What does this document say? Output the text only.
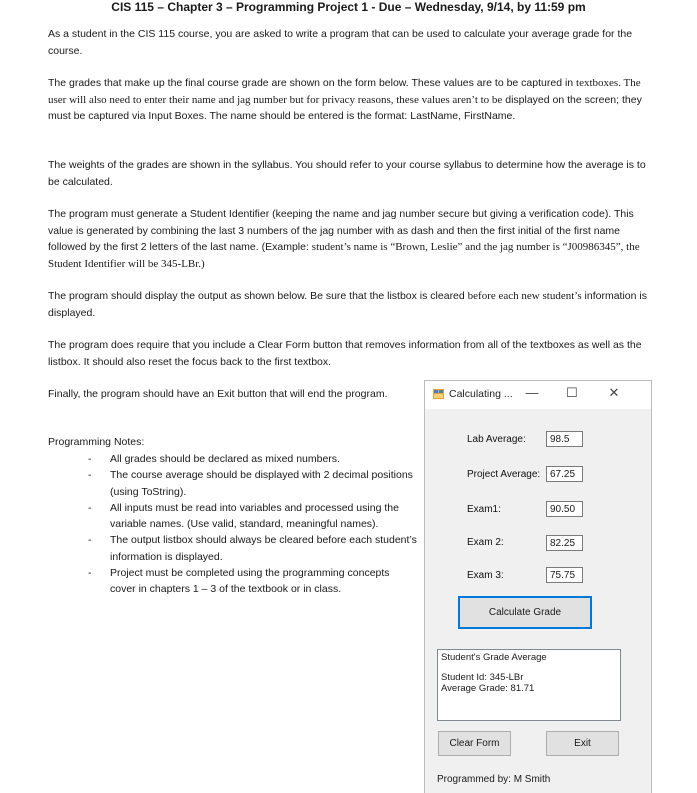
CIS 115 – Chapter 3 – Programming Project 1 - Due – Wednesday, 9/14, by 11:59 pm

As a student in the CIS 115 course, you are asked to write a program that can be used to calculate your average grade for the course.

The grades that make up the final course grade are shown on the form below. These values are to be captured in textboxes. The user will also need to enter their name and jag number but for privacy reasons, these values aren’t to be displayed on the screen; they must be captured via Input Boxes. The name should be entered is the format: LastName, FirstName.

The weights of the grades are shown in the syllabus. You should refer to your course syllabus to determine how the average is to be calculated.

The program must generate a Student Identifier (keeping the name and jag number secure but giving a verification code). This value is generated by combining the last 3 numbers of the jag number with as dash and then the first initial of the first name followed by the first 2 letters of the last name. (Example: student’s name is “Brown, Leslie” and the jag number is “J00986345”, the Student Identifier will be 345-LBr.)

The program should display the output as shown below. Be sure that the listbox is cleared before each new student’s information is displayed.

The program does require that you include a Clear Form button that removes information from all of the textboxes as well as the listbox. It should also reset the focus back to the first textbox.

Finally, the program should have an Exit button that will end the program.

Programming Notes:
- All grades should be declared as mixed numbers.
- The course average should be displayed with 2 decimal positions (using ToString).
- All inputs must be read into variables and processed using the variable names. (Use valid, standard, meaningful names).
- The output listbox should always be cleared before each student’s information is displayed.
- Project must be completed using the programming concepts cover in chapters 1 – 3 of the textbook or in class.
Calculating ... —	☐	✕
Lab Average:	98.5
Project Average: 67.25
Exam1:	90.50
Exam 2:	82.25
Exam 3:	75.75
Calculate Grade
Student's Grade Average
Student Id: 345-LBr
Average Grade: 81.71
Clear Form	Exit
Programmed by: M Smith
